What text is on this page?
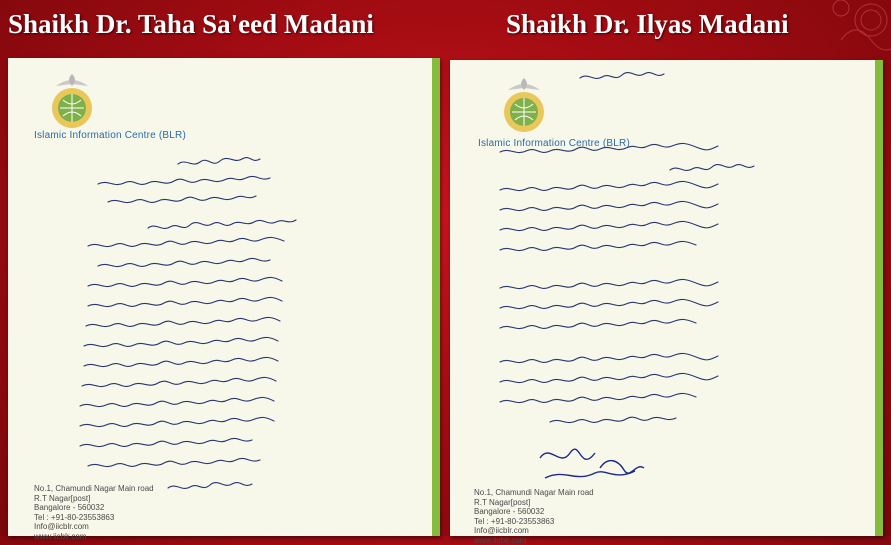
Shaikh Dr. Taha Sa'eed Madani	Shaikh Dr. Ilyas Madani
Islamic Information Centre (BLR)
No.1, Chamundi Nagar Main road
R.T Nagar[post]
Bangalore - 560032
Tel : +91-80-23553863
Info@iicblr.com
www.iicblr.com
Islamic Information Centre (BLR)
No.1, Chamundi Nagar Main road
R.T Nagar[post]
Bangalore - 560032
Tel : +91-80-23553863
Info@iicblr.com
www.iicblr.com
